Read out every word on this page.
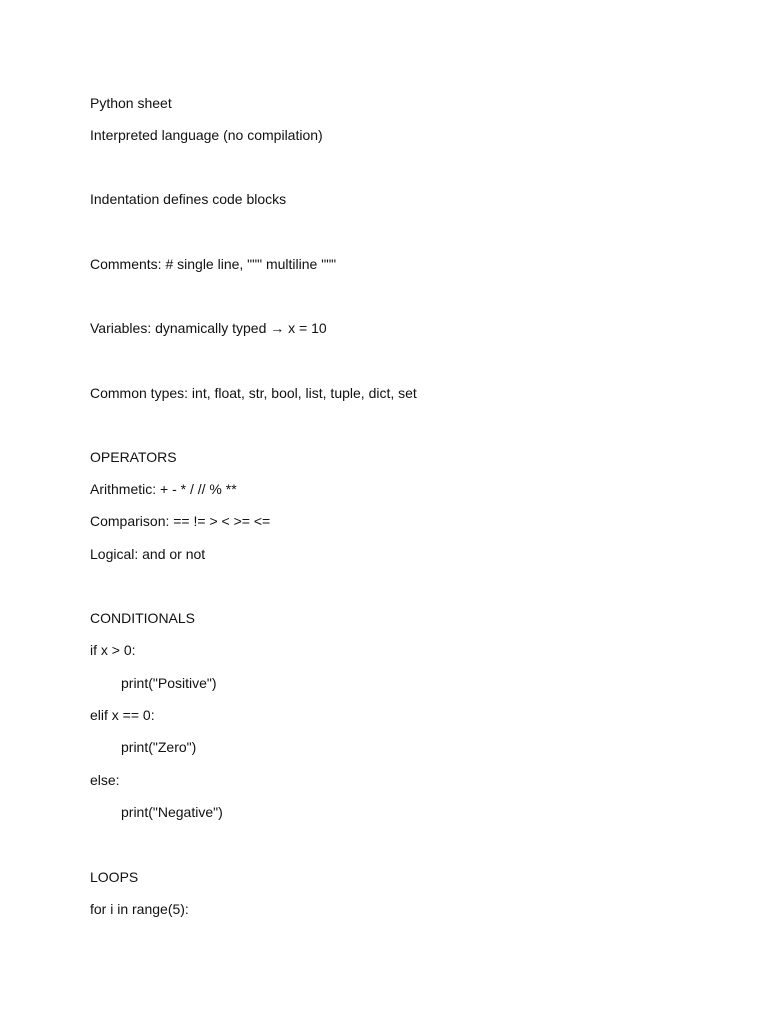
Python sheet
Interpreted language (no compilation)
Indentation defines code blocks
Comments: # single line, """ multiline """
Variables: dynamically typed → x = 10
Common types: int, float, str, bool, list, tuple, dict, set
OPERATORS
Arithmetic: + - * / // % **
Comparison: == != > < >= <=
Logical: and or not
CONDITIONALS
if x > 0:
print("Positive")
elif x == 0:
print("Zero")
else:
print("Negative")
LOOPS
for i in range(5):
